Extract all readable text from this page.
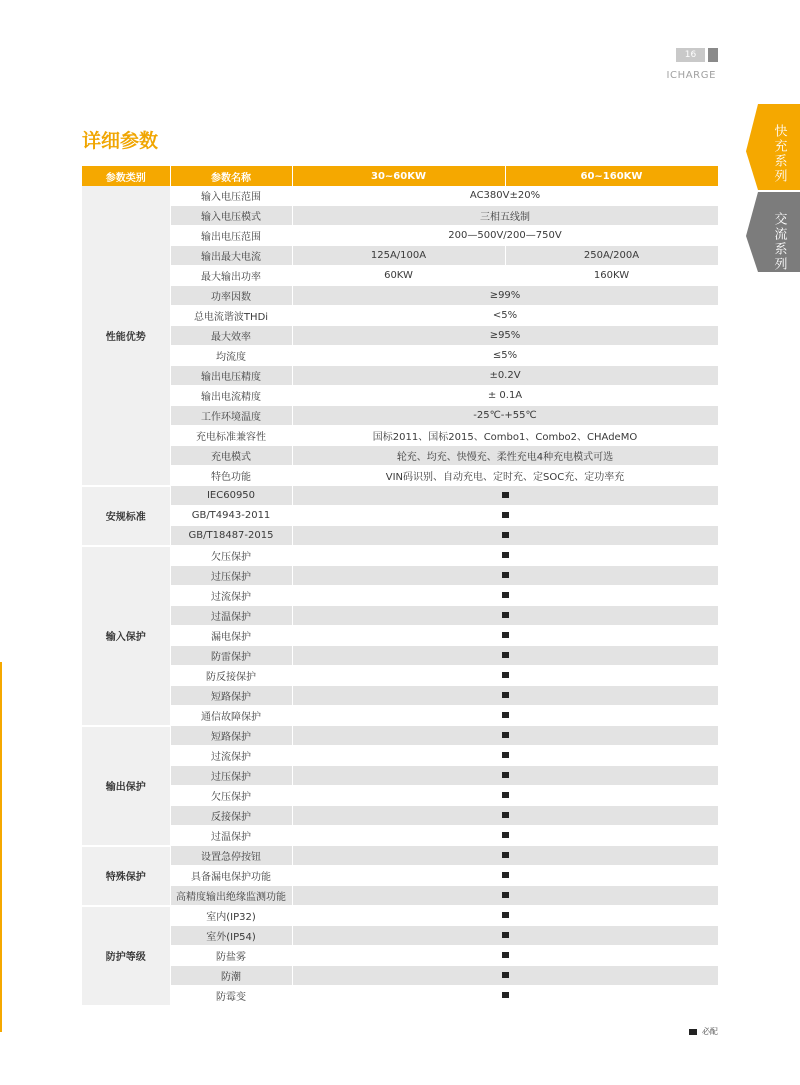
16
ICHARGE
快充系列
交流系列
详细参数
参数类别	参数名称	30~60KW	60~160KW
性能优势	输入电压范围	AC380V±20%	
	输入电压模式	三相五线制	
	输出电压范围	200—500V/200—750V	
	输出最大电流	125A/100A	250A/200A
	最大输出功率	60KW	160KW
	功率因数	≥99%	
	总电流谐波THDi	<5%	
	最大效率	≥95%	
	均流度	≤5%	
	输出电压精度	±0.2V	
	输出电流精度	± 0.1A	
	工作环境温度	-25℃-+55℃	
	充电标准兼容性	国标2011、国标2015、Combo1、Combo2、CHAdeMO	
	充电模式	轮充、均充、快慢充、柔性充电4种充电模式可选	
	特色功能	VIN码识别、自动充电、定时充、定SOC充、定功率充	
安规标准	IEC60950		
	GB/T4943-2011		
	GB/T18487-2015		
输入保护	欠压保护		
	过压保护		
	过流保护		
	过温保护		
	漏电保护		
	防雷保护		
	防反接保护		
	短路保护		
	通信故障保护		
输出保护	短路保护		
	过流保护		
	过压保护		
	欠压保护		
	反接保护		
	过温保护		
特殊保护	设置急停按钮		
	具备漏电保护功能		
	高精度输出绝缘监测功能		
防护等级	室内(IP32)		
	室外(IP54)		
	防盐雾		
	防潮		
	防霉变		
必配
